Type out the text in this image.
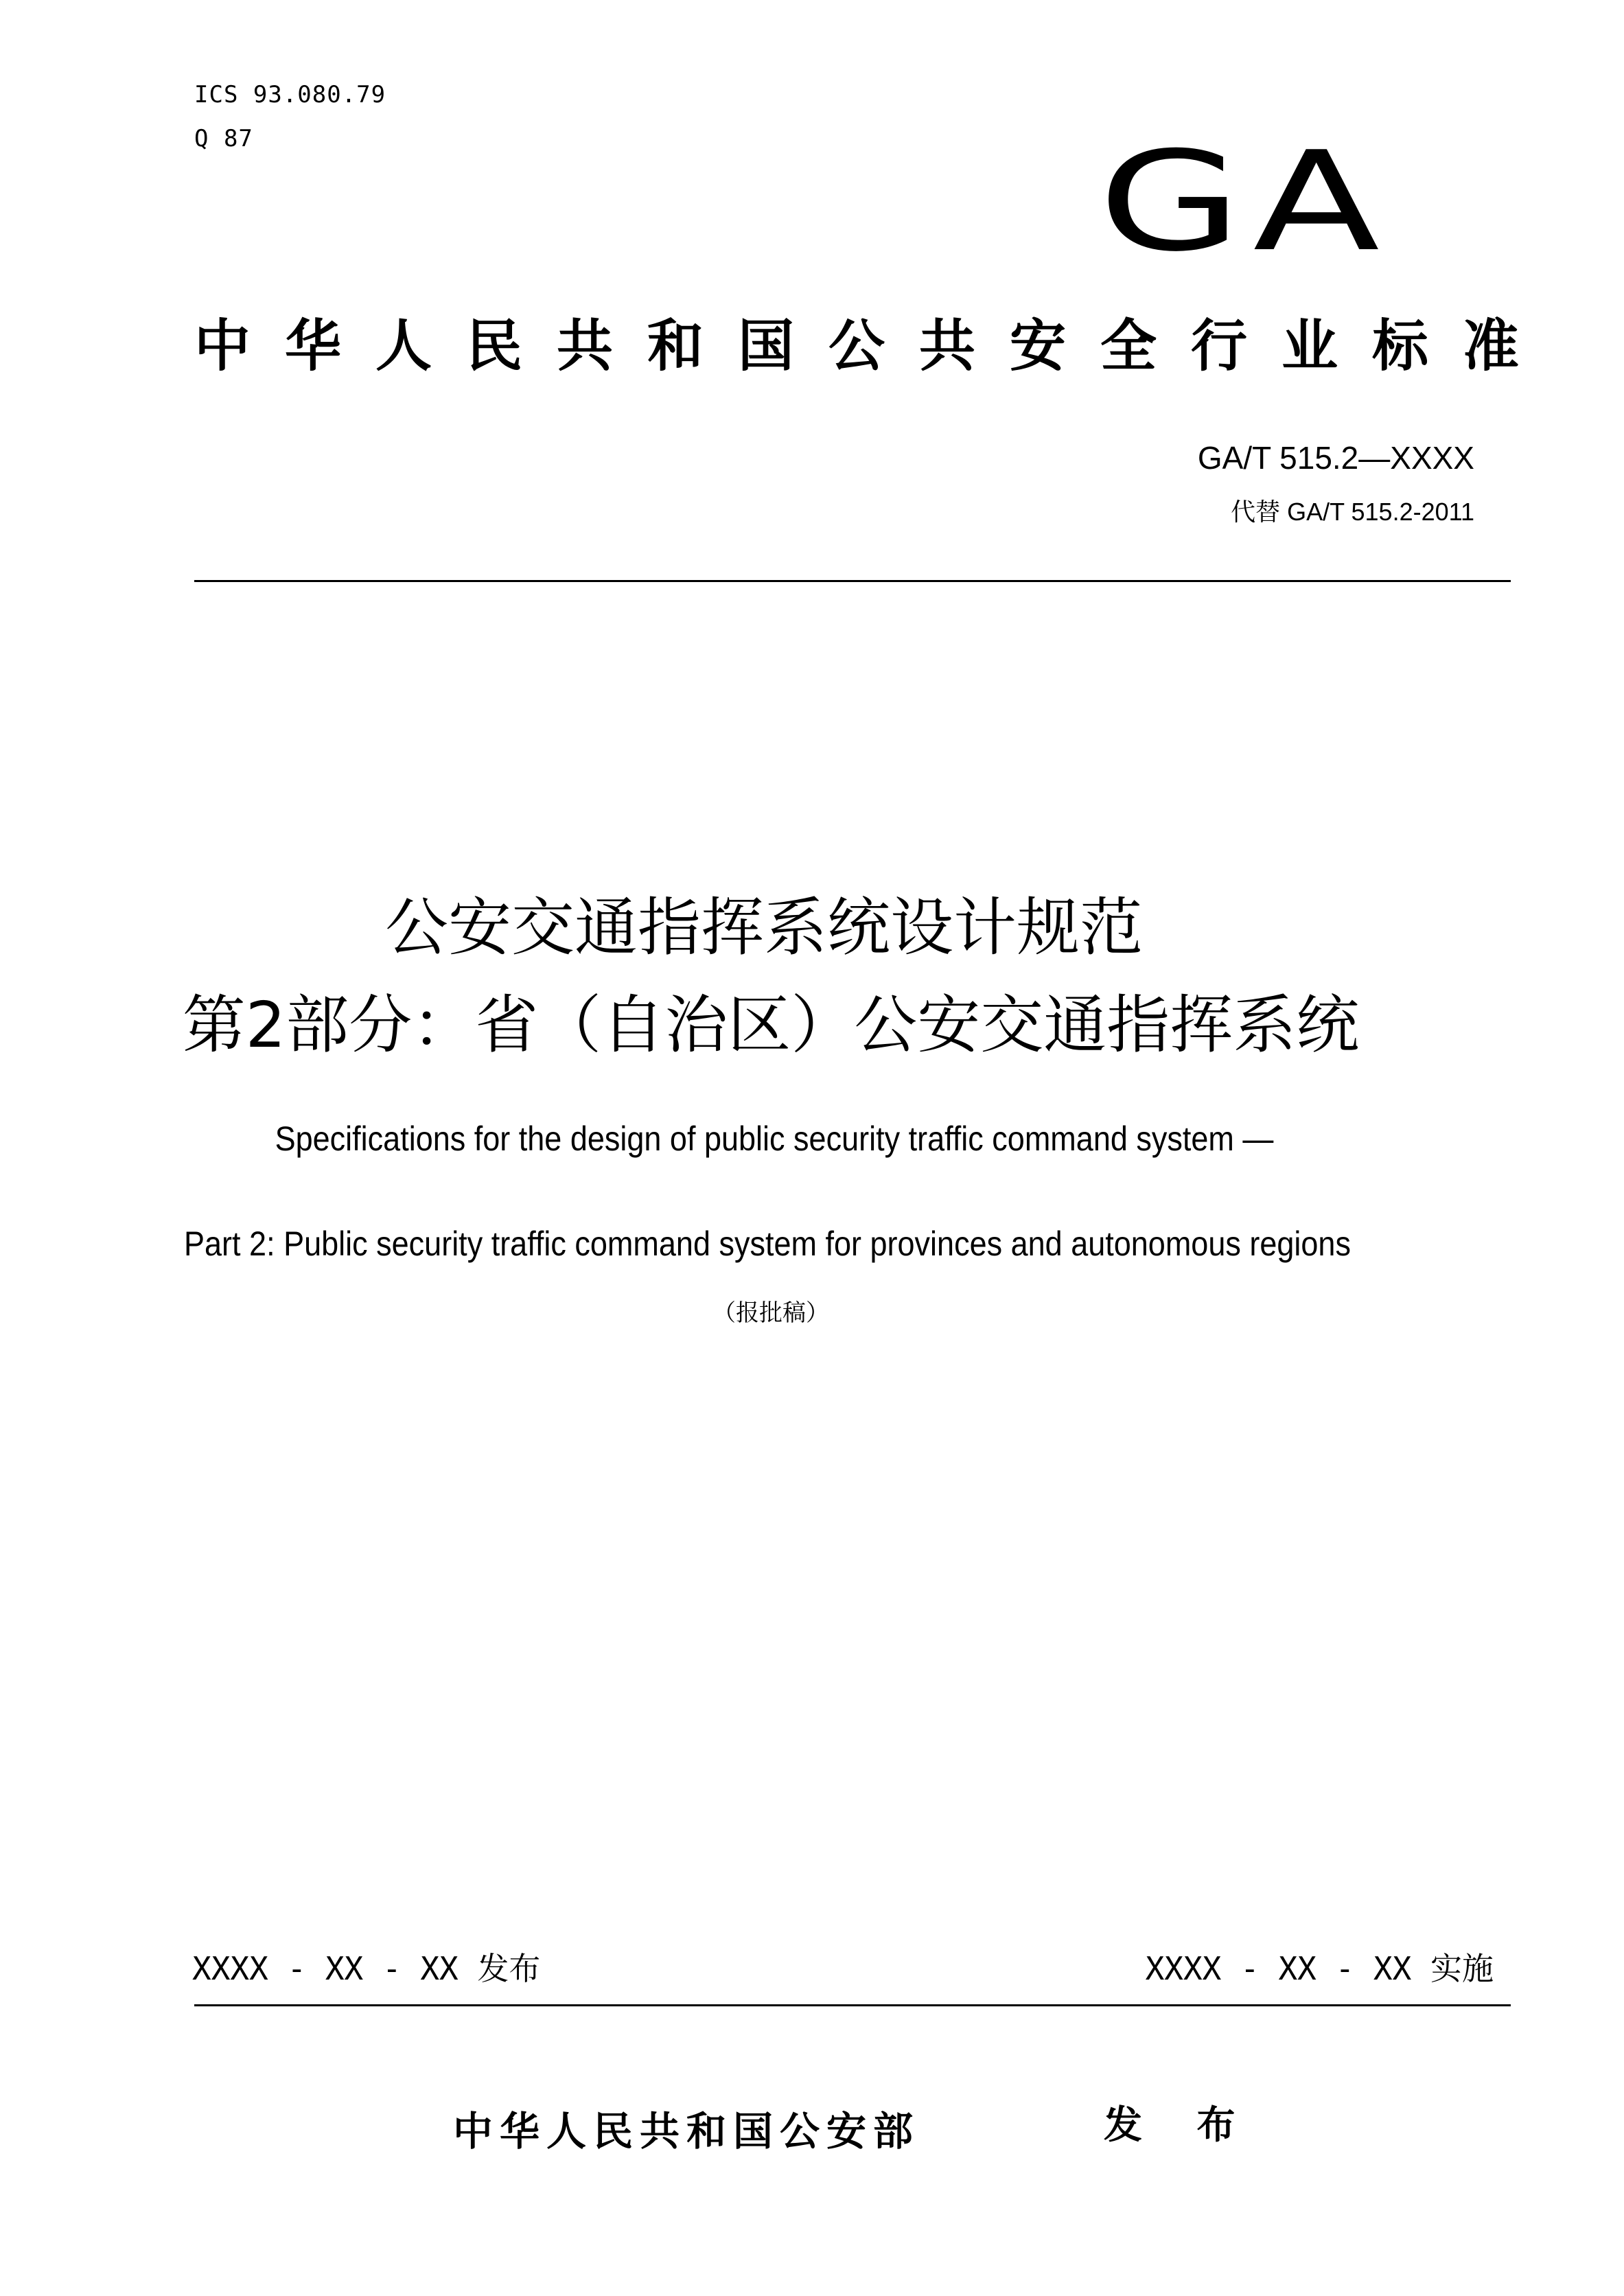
ICS 93.080.79
Q 87	GA
中华人民共和国公共安全行业标准
GA/T 515.2—XXXX
代替 GA/T 515.2-2011
公安交通指挥系统设计规范
第2部分：省（自治区）公安交通指挥系统
Specifications for the design of public security traffic command system —
Part 2: Public security traffic command system for provinces and autonomous regions
（报批稿）
XXXX - XX - XX 发布	XXXX - XX - XX 实施
中华人民共和国公安部	发 布
